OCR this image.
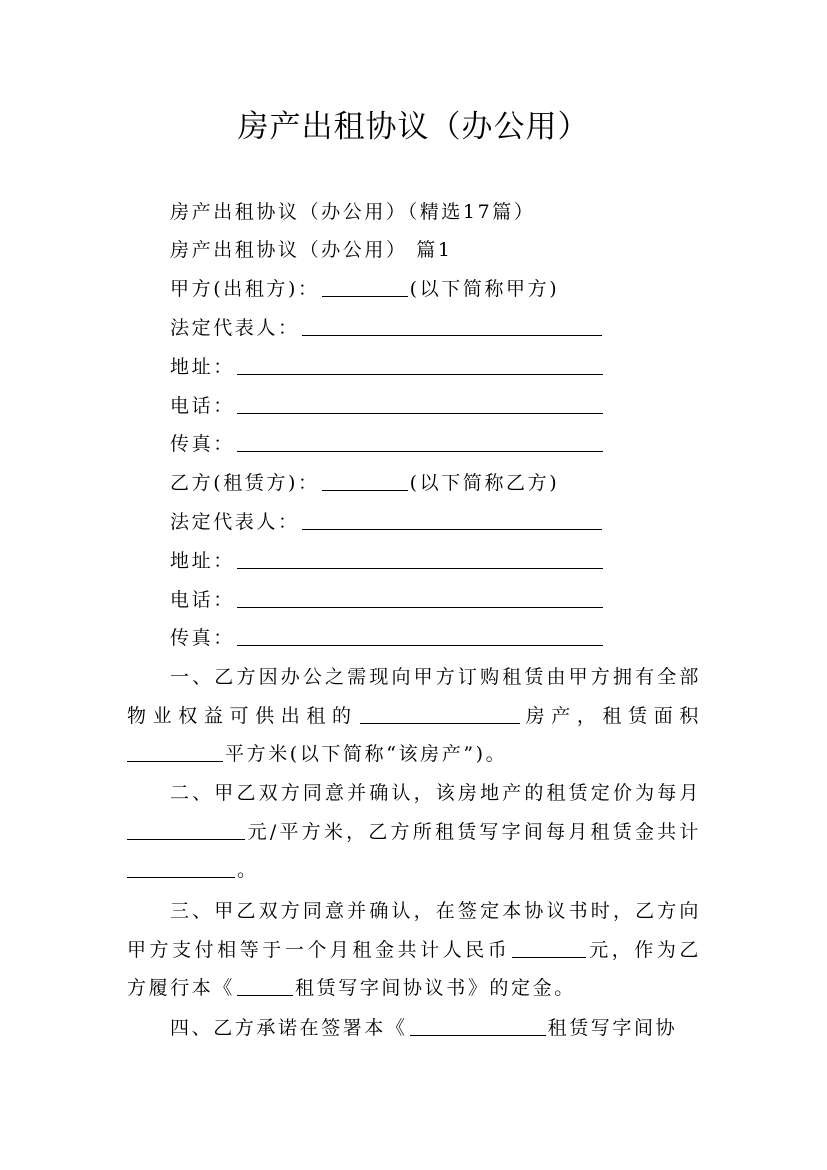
房产出租协议（办公用）
房产出租协议（办公用）（精选17篇）
房产出租协议（办公用） 篇1
甲方(出租方)：	(以下简称甲方)
法定代表人：
地址：
电话：
传真：
乙方(租赁方)：	(以下简称乙方)
法定代表人：
地址：
电话：
传真：
一、乙方因办公之需现向甲方订购租赁由甲方拥有全部物业权益可供出租的	房产，租赁面积平方米(以下简称“该房产”)。
二、甲乙双方同意并确认，该房地产的租赁定价为每月元/平方米，乙方所租赁写字间每月租赁金共计。
三、甲乙双方同意并确认，在签定本协议书时，乙方向甲方支付相等于一个月租金共计人民币	元，作为乙方履行本《	租赁写字间协议书》的定金。
四、乙方承诺在签署本《	租赁写字间协
